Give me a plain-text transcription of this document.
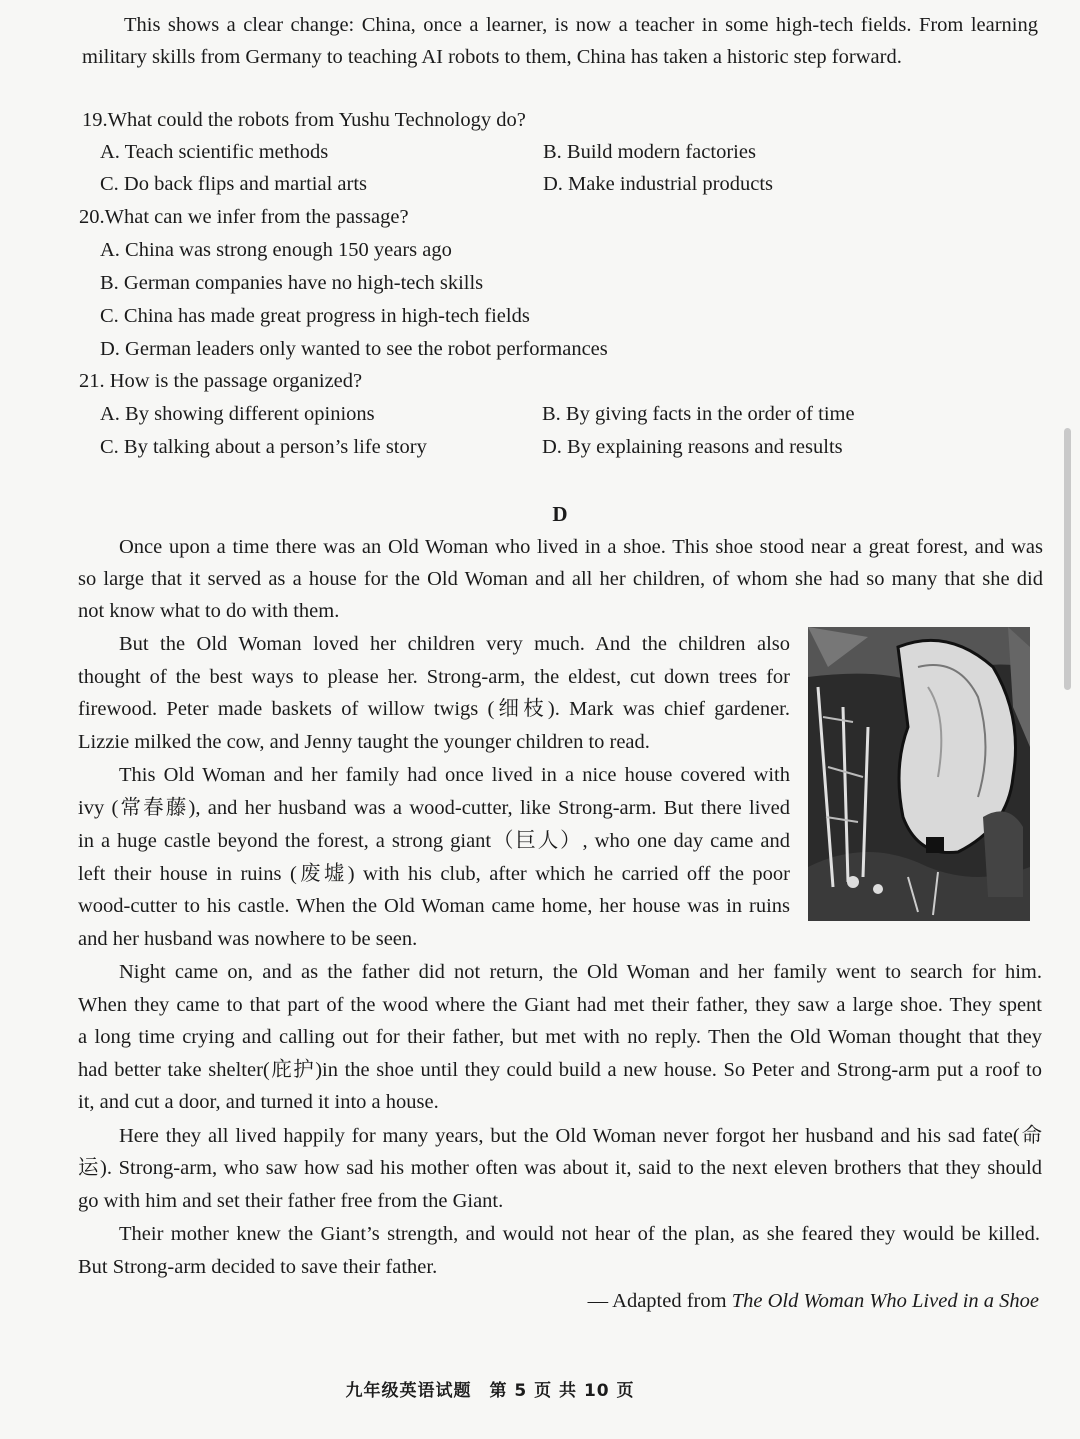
This shows a clear change: China, once a learner, is now a teacher in some high-tech fields. From learning
military skills from Germany to teaching AI robots to them, China has taken a historic step forward.
19.What could the robots from Yushu Technology do?
A. Teach scientific methods	B. Build modern factories
C. Do back flips and martial arts	D. Make industrial products
20.What can we infer from the passage?
A. China was strong enough 150 years ago
B. German companies have no high-tech skills
C. China has made great progress in high-tech fields
D. German leaders only wanted to see the robot performances
21. How is the passage organized?
A. By showing different opinions	B. By giving facts in the order of time
C. By talking about a person’s life story	D. By explaining reasons and results
D
Once upon a time there was an Old Woman who lived in a shoe. This shoe stood near a great forest, and was
so large that it served as a house for the Old Woman and all her children, of whom she had so many that she did
not know what to do with them.
But the Old Woman loved her children very much. And the children also
thought of the best ways to please her. Strong-arm, the eldest, cut down trees for
firewood. Peter made baskets of willow twigs (细枝). Mark was chief gardener.
Lizzie milked the cow, and Jenny taught the younger children to read.
This Old Woman and her family had once lived in a nice house covered with
ivy (常春藤), and her husband was a wood-cutter, like Strong-arm. But there lived
in a huge castle beyond the forest, a strong giant（巨人）, who one day came and
left their house in ruins (废墟) with his club, after which he carried off the poor
wood-cutter to his castle. When the Old Woman came home, her house was in ruins
and her husband was nowhere to be seen.
Night came on, and as the father did not return, the Old Woman and her family went to search for him.
When they came to that part of the wood where the Giant had met their father, they saw a large shoe. They spent
a long time crying and calling out for their father, but met with no reply. Then the Old Woman thought that they
had better take shelter(庇护)in the shoe until they could build a new house. So Peter and Strong-arm put a roof to
it, and cut a door, and turned it into a house.
Here they all lived happily for many years, but the Old Woman never forgot her husband and his sad fate(命
运). Strong-arm, who saw how sad his mother often was about it, said to the next eleven brothers that they should
go with him and set their father free from the Giant.
Their mother knew the Giant’s strength, and would not hear of the plan, as she feared they would be killed.
But Strong-arm decided to save their father.
— Adapted from The Old Woman Who Lived in a Shoe
九年级英语试题　第 5 页 共 10 页
